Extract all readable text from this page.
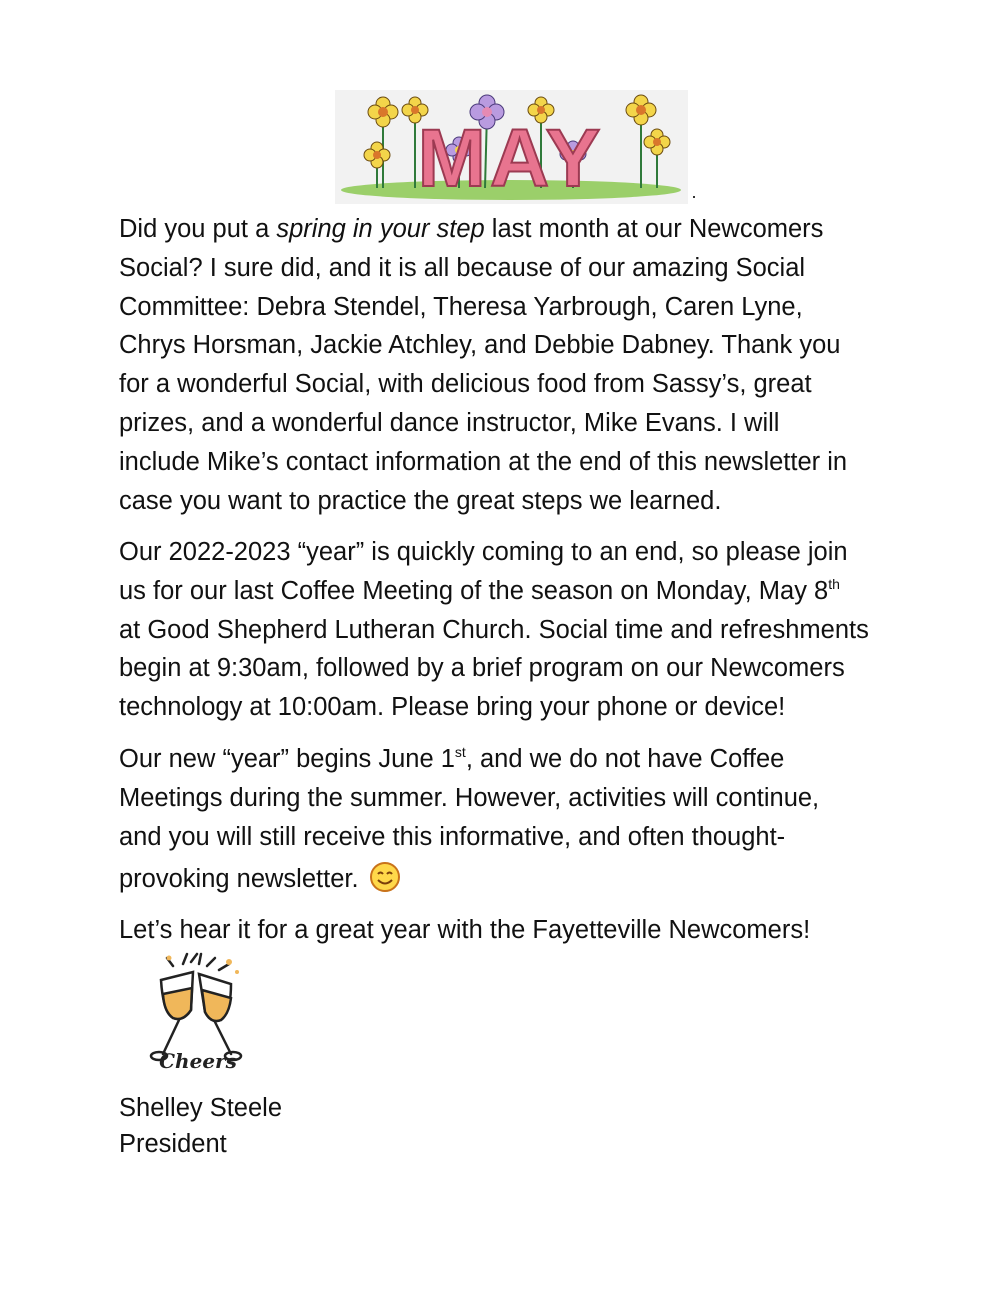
MAY
Did you put a spring in your step last month at our Newcomers
Social? I sure did, and it is all because of our amazing Social
Committee: Debra Stendel, Theresa Yarbrough, Caren Lyne,
Chrys Horsman, Jackie Atchley, and Debbie Dabney. Thank you
for a wonderful Social, with delicious food from Sassy’s, great
prizes, and a wonderful dance instructor, Mike Evans. I will
include Mike’s contact information at the end of this newsletter in
case you want to practice the great steps we learned.
Our 2022-2023 “year” is quickly coming to an end, so please join
us for our last Coffee Meeting of the season on Monday, May 8th
at Good Shepherd Lutheran Church. Social time and refreshments
begin at 9:30am, followed by a brief program on our Newcomers
technology at 10:00am. Please bring your phone or device!
Our new “year” begins June 1st, and we do not have Coffee
Meetings during the summer. However, activities will continue,
and you will still receive this informative, and often thought-
provoking newsletter.
Let’s hear it for a great year with the Fayetteville Newcomers!
Cheers
Shelley Steele
President
